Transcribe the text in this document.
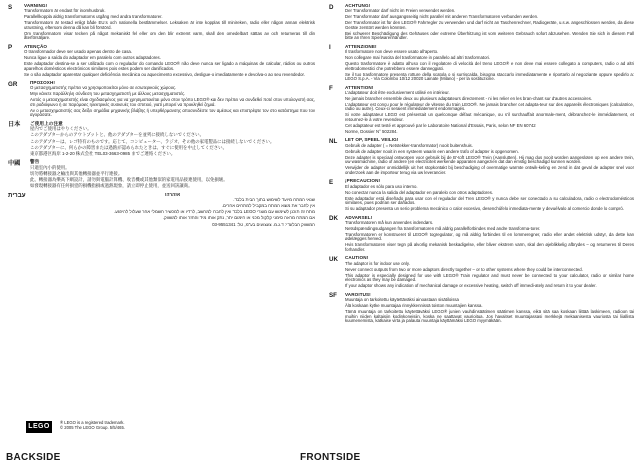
S	VARNING!
Transformatorn är endast för inomhusbruk.
Parallellkoppla aldrig transformatorns utgång med andra transformatorer.
Transformatorn är testad enligt både EU:s och nationella bestlämmelser. Leksaken är inte kopplas till minireken, radio eller någon annan elektrisk utrustning, eftersom denna då kan bli förstörd.
Om transformatorn visar tecken på något mekaniskt fel eller om den blir extremt varm, skall den omedelbart sättas av och returneras till din återförsäljare.
P	ATENÇÃO
O transformador deve ser usado apenas dentro de casa.
Nunca ligue a saída do adaptador em paralelo com outros adaptadores.
Este adaptador destina-se a ser utilizado com o regulador do comando LEGO® não deve nunca ser ligado a máquinas de calcular, rádios ou outros aparelhos domésticos electrónicos similares pois estes podem ser danificados.
Se o são adaptador aparentar qualquer deficiência mecânica ou aquecimento excessivo, desligue-o imediatamente e devolva-o ao seu revendedor.
GR	ΠΡΟΣΟΧΗ!
Ο μετασχηματιστής πρέπει να χρησιμοποιείται μόνο σε εσωτερικούς χώρους.
Μην κάνετε παράλληλη σύνδεση του μετασχηματιστή με άλλους μετασχηματιστές.
Αυτός ο μετασχηματιστής είναι σχεδιασμένος για να χρησιμοποιείται μόνο στον τρόπο LEGO® και δεν πρέπει να συνδεθεί ποτέ στον υπολογιστή σας, στι ραδιόφωνο ή σε παρόμοιες ηλεκτρικές συσκευές του σπιτιού, γιατί μπορεί να προκληθεί ζημιά.
Αν ο μετασχηματιστής σας δείξει σημάδια μηχανικής βλάβης ή υπερθέρμανσης αποσυνδέστε τον αμέσως και επιστρέψτε τον στο κατάστημα που τον αγοράσατε.
日本	ご使用上の注意
屋内でご使用はやりください。
このアダプターからのアウトプットと、他のアダプターを並列に接続しないでください。
このアダプターは、レゴ特有のものです。応じて、コンピューター、ラジオ、その他の家電製品には接続しないでください。
このアダプターに、何らかの障害または過熱が認められたときは、すぐに使用を中止してください。
東京都港区海岸 1-2-20 株式会社 TEL03-3663-0985 までご連絡ください。
中國	警告
只適室內小的使用。
切勿將轉接器之輸出與其他轉接器並平行連接。
此、轉接器為樂高下網設計，請勿與電腦計算機、收音機或其他類似的家電用品接連使用，以免損壞。
如發現轉接器有任何損壹的損機指損或過熱現象，請立即停止使用，並送回該讓商。
עברית	אזהרה!
שנאי המתח מיועד לשימוש בתוך הבית בלבד.
אין לחבר את מוצא המתח במקביל למתחים אחרים.
מתח זה תוכנן לשימוש עם מוצרי LEGO בלבד ואין לחברו למחשב, לרדיו או למכשיר חשמלי אחר שעלול להיפגע.
אם המתח מראה סימני קלקול מכני או חימום יתר, נתק אותו מיד והחזר אותו למשווק.
המשווק הבלעדי: ד.ג.מ. צעצועים בע"מ, טל: 03-9551341
D	ACHTUNG!
Der Transformator darf nicht im Freien verwendet werden.
Der Transformator darf ausgangsseitig nicht parallel mit anderen Transformatoren verbunden werden.
Der Transformator ist für den LEGO® Fahrregler zu verwenden und darf nicht an Taschenrechner, Radiogeräte, u.s.w. angeschlossen werden, da diese Geräte zerstört werden könnten.
Bei schwerer Beschädigung des Gehäuses oder extreme Überhitzung ist vom weiteren Gebrauch sofort abzusehen. Wenden Sie sich in diesem Fall bitte an Ihren Spielwarenhändler.
I	ATTENZIONE!
Il trasformatore non deve essere usato all'aperto.
Non collegare mai l'uscita del trasformatore in parallelo ad altri trasformatori.
Questo trasformatore è adatto all'uso con il regolatore di velocità del treno LEGO® e non deve mai essere collegato a computers, radio o ad altri elettrodomestici che potrebbero essere danneggiati.
Se il tuo trasformatore presenta rotture della scatola o si surriscalda, bisogna staccarlo immediatamente e riportarlo al negoziante oppure spedirlo a: LEGO S.p.A. - Via Colombo 10/12 20020 Lainate (Milano) - per la sostituzione.
F	ATTENTION!
L'adaptateur doit être exclusivement utilisé en intérieur.
Ne jamais brancher ensemble deux ou plusieurs adaptateurs directement - ni les relier en les bran-chant sur d'autres accessoires.
L'adaptateur est conçu pour le régulateur de vitesse du train LEGO®. Ne jamais brancher cet adapta-teur sur des appareils électroniques (calculatrice, radio ou autre). Ceux-ci seraient immédiatement endommagés.
Si votre adaptateur LEGO est présentait un quelconque défaut mécanique, ou s'il surchauffait anormale-ment, débranchez-le immédiatement, et retournez-le à votre revendeur.
Cet adaptateur est testé et approuvé par le Laboratoire National d'Essais, Paris, selon NF EN 60742
Norme, Dossier N° 502284.
NL	LET OP, SPEEL VEILIG!
Gebruik de adapter ( = Netstekker-transformator) nooit buitenshuis.
Gebruik de adapter nooit in een systeem waarin een andere trafo of adapter is opgenomen.
Deze adapter is speciaal ontworpen voor gebruik bij de B'-toft LEGO® Trein (Aanslutten). Hij mag dus nooit worden aangesloten op een andere trein, uw wasmachine, radio of andere (en electriciteit werkende apparaten aangezien dat dan emstig beschadigd kunnen worden.
Verwijder de adapter onmiddellijk uit het stopkontakt bij beschadiging of overmatige warmte ontwik-keling en zend in dat geval de adapter snel voor onderzoek aan de importeur terug via uw leverancier.
E	¡PRECAUCION!
El adaptador es sólo para uso interno.
No conectar nunca la salida del adaptador en paralelo con otros adaptadores.
Este adaptador está diseñado para usar con el regulador del Tren LEGO® y nunca debe ser conectado a su calculadora, radio o electrodomésticos similares, pues podrían ser dañados.
Si su adaptador presenta un serio problema mecánico o calor excesivo, desenchúfelo inmediata-mente y devuélvalo al comercio donde lo compró.
DK	ADVARSEL!
Transformatoren må kun anvendes indendørs.
Netsdspændingsudgangen fra transformatoren må aldrig parallelforbindes med andre transforma-torer.
Transformatoren er konstrueret til LEGO® togregulator, og må aldrig forbindes til en lommeregner, radio eller andet elektrisk udstyr, da dette kan ødelægges herved.
Hvis transformatoren viser tegn på alvorlig mekanisk beskadigelse, eller bliver ekstrem varm, skal den øjeblikkelig afbrydes – og returneres til Deres forhandler.
UK	CAUTION!
The adaptor is for indoor use only.
Never connect outputs from two or more adaptors directly together – or to other systems where they could be interconnected.
This adaptor is especially designed for use with LEGO® Train regulator and must never be connected to your calculator, radio or similar home electronics as they may be damaged.
If your adaptor shows any indication of mechanical damage or excessive heating, switch off immedi-ately and return it to your dealer.
SF	VAROITUS!
Muuntaja on tarkoitettu käytettäväksi ainoastaan sisätiloissa
Älä koskaan kytke muuntajaa rinnykkennissä toiston muuntajien kanssa.
Tämä muuntaja on tarkoitettu käytettäväksi LEGO® junien vauhdinsäätimen säätimen kanssa, eikä sitä saa koskaan liittää laskimeen, radioon tai muihin niiden kaltaisiin kodinkoneisiin, koska ne saattavat vaurioitua. Jos havaitset muuntajassasi merkkejä mekaanisesta vauriosta tai liiallista kuumenemista, katkaise virta ja palauta muuntaja käyttämäksi LEGO myymäkään.
LEGO
® LEGO is a registered trademark.
© 2005 The LEGO Group. 5/5/465.
BACKSIDE	FRONTSIDE
